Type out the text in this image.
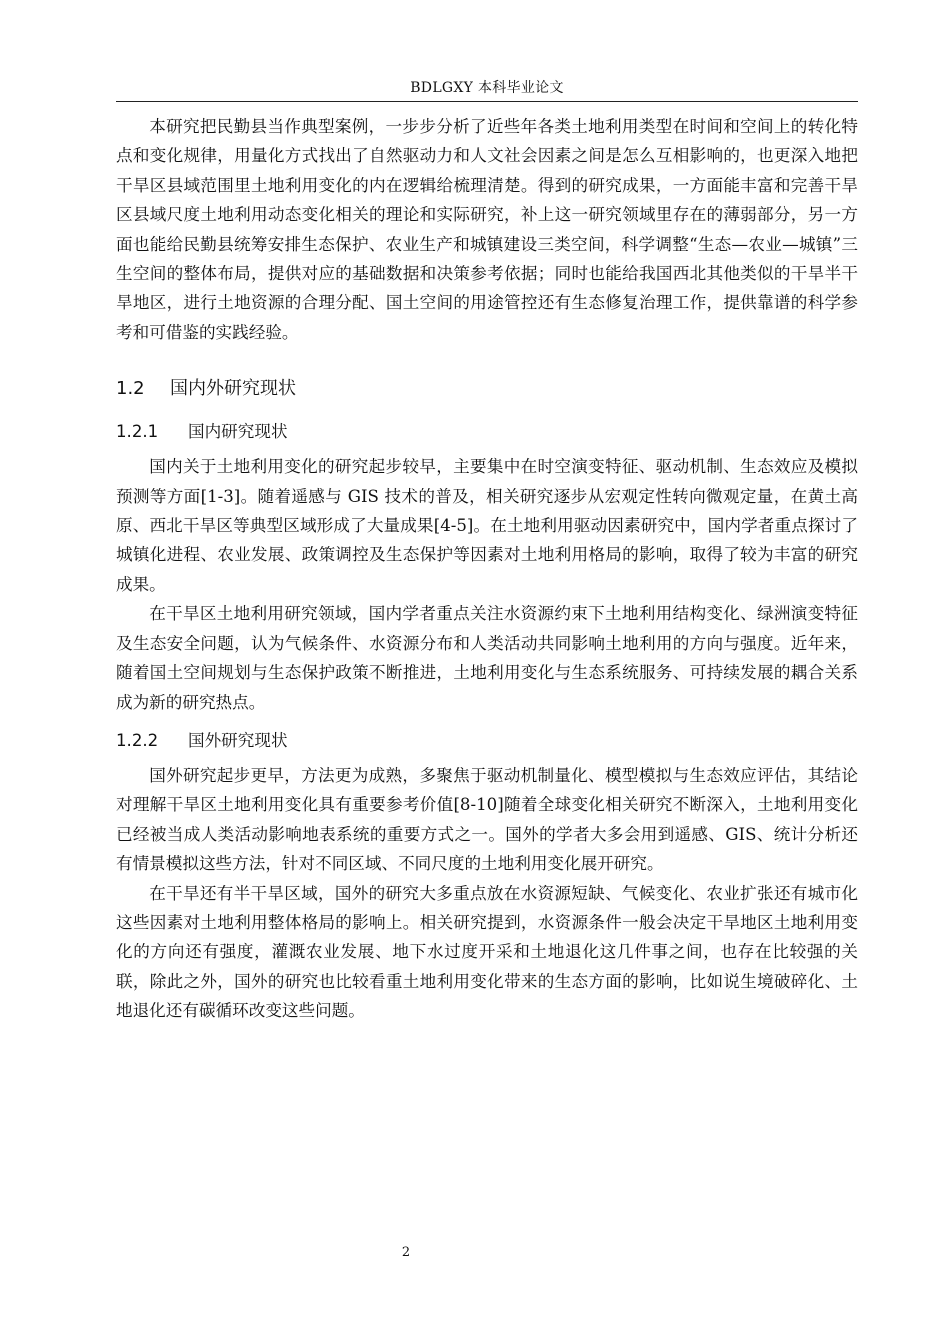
BDLGXY 本科毕业论文

本研究把民勤县当作典型案例，一步步分析了近些年各类土地利用类型在时间和空间上的转化特点和变化规律，用量化方式找出了自然驱动力和人文社会因素之间是怎么互相影响的，也更深入地把干旱区县域范围里土地利用变化的内在逻辑给梳理清楚。得到的研究成果，一方面能丰富和完善干旱区县域尺度土地利用动态变化相关的理论和实际研究，补上这一研究领域里存在的薄弱部分，另一方面也能给民勤县统筹安排生态保护、农业生产和城镇建设三类空间，科学调整“生态—农业—城镇”三生空间的整体布局，提供对应的基础数据和决策参考依据；同时也能给我国西北其他类似的干旱半干旱地区，进行土地资源的合理分配、国土空间的用途管控还有生态修复治理工作，提供靠谱的科学参考和可借鉴的实践经验。

1.2	国内外研究现状
1.2.1	国内研究现状

国内关于土地利用变化的研究起步较早，主要集中在时空演变特征、驱动机制、生态效应及模拟预测等方面[1-3]。随着遥感与 GIS 技术的普及，相关研究逐步从宏观定性转向微观定量，在黄土高原、西北干旱区等典型区域形成了大量成果[4-5]。在土地利用驱动因素研究中，国内学者重点探讨了城镇化进程、农业发展、政策调控及生态保护等因素对土地利用格局的影响，取得了较为丰富的研究成果。

在干旱区土地利用研究领域，国内学者重点关注水资源约束下土地利用结构变化、绿洲演变特征及生态安全问题，认为气候条件、水资源分布和人类活动共同影响土地利用的方向与强度。近年来，随着国土空间规划与生态保护政策不断推进，土地利用变化与生态系统服务、可持续发展的耦合关系成为新的研究热点。

1.2.2	国外研究现状

国外研究起步更早，方法更为成熟，多聚焦于驱动机制量化、模型模拟与生态效应评估，其结论对理解干旱区土地利用变化具有重要参考价值[8-10]随着全球变化相关研究不断深入，土地利用变化已经被当成人类活动影响地表系统的重要方式之一。国外的学者大多会用到遥感、GIS、统计分析还有情景模拟这些方法，针对不同区域、不同尺度的土地利用变化展开研究。

在干旱还有半干旱区域，国外的研究大多重点放在水资源短缺、气候变化、农业扩张还有城市化这些因素对土地利用整体格局的影响上。相关研究提到，水资源条件一般会决定干旱地区土地利用变化的方向还有强度，灌溉农业发展、地下水过度开采和土地退化这几件事之间，也存在比较强的关联，除此之外，国外的研究也比较看重土地利用变化带来的生态方面的影响，比如说生境破碎化、土地退化还有碳循环改变这些问题。

2
